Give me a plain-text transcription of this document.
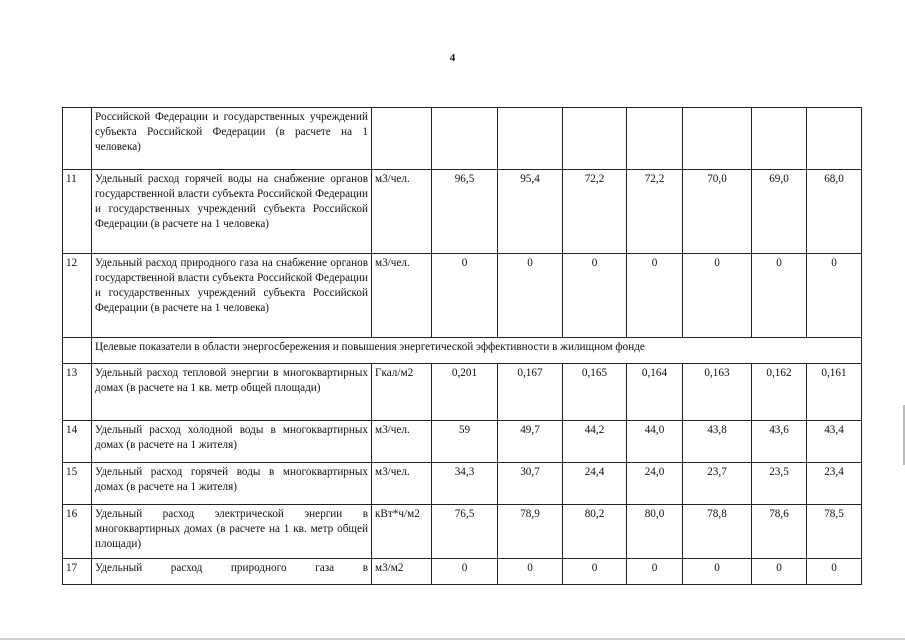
4
	Российской Федерации и государственных учреждений субъекта Российской Федерации (в расчете на 1 человека)								
11	Удельный расход горячей воды на снабжение органов государственной власти субъекта Российской Федерации и государственных учреждений субъекта Российской Федерации (в расчете на 1 человека)	м3/чел.	96,5	95,4	72,2	72,2	70,0	69,0	68,0
12	Удельный расход природного газа на снабжение органов государственной власти субъекта Российской Федерации и государственных учреждений субъекта Российской Федерации (в расчете на 1 человека)	м3/чел.	0	0	0	0	0	0	0
	Целевые показатели в области энергосбережения и повышения энергетической эффективности в жилищном фонде								
13	Удельный расход тепловой энергии в многоквартирных домах (в расчете на 1 кв. метр общей площади)	Гкал/м2	0,201	0,167	0,165	0,164	0,163	0,162	0,161
14	Удельный расход холодной воды в многоквартирных домах (в расчете на 1 жителя)	м3/чел.	59	49,7	44,2	44,0	43,8	43,6	43,4
15	Удельный расход горячей воды в многоквартирных домах (в расчете на 1 жителя)	м3/чел.	34,3	30,7	24,4	24,0	23,7	23,5	23,4
16	Удельный расход электрической энергии в многоквартирных домах (в расчете на 1 кв. метр общей площади)	кВт*ч/м2	76,5	78,9	80,2	80,0	78,8	78,6	78,5
17	Удельный расход природного газа в	м3/м2	0	0	0	0	0	0	0
